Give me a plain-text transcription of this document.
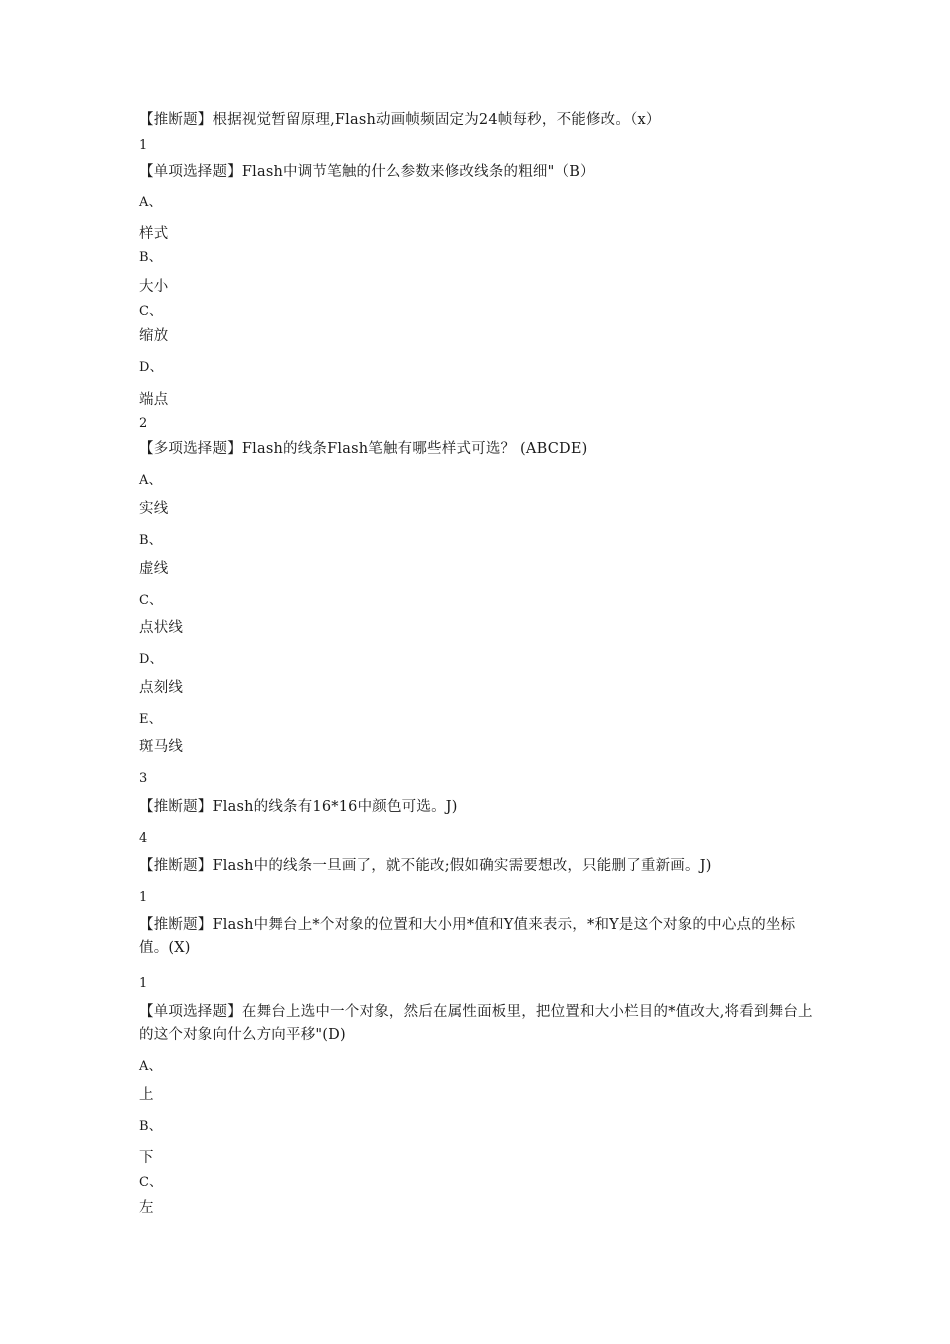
【推断题】根据视觉暂留原理,Flash动画帧频固定为24帧每秒，不能修改。（x）
1
【单项选择题】Flash中调节笔触的什么参数来修改线条的粗细"（B）
A、
样式
B、
大小
C、
缩放
D、
端点
2
【多项选择题】Flash的线条Flash笔触有哪些样式可选？ (ABCDE)
A、
实线
B、
虚线
C、
点状线
D、
点刻线
E、
斑马线
3
【推断题】Flash的线条有16*16中颜色可选。J)
4
【推断题】Flash中的线条一旦画了，就不能改;假如确实需要想改，只能删了重新画。J)
1
【推断题】Flash中舞台上*个对象的位置和大小用*值和Y值来表示，*和Y是这个对象的中心点的坐标值。(X)
1
【单项选择题】在舞台上选中一个对象，然后在属性面板里，把位置和大小栏目的*值改大,将看到舞台上的这个对象向什么方向平移"(D)
A、
上
B、
下
C、
左
